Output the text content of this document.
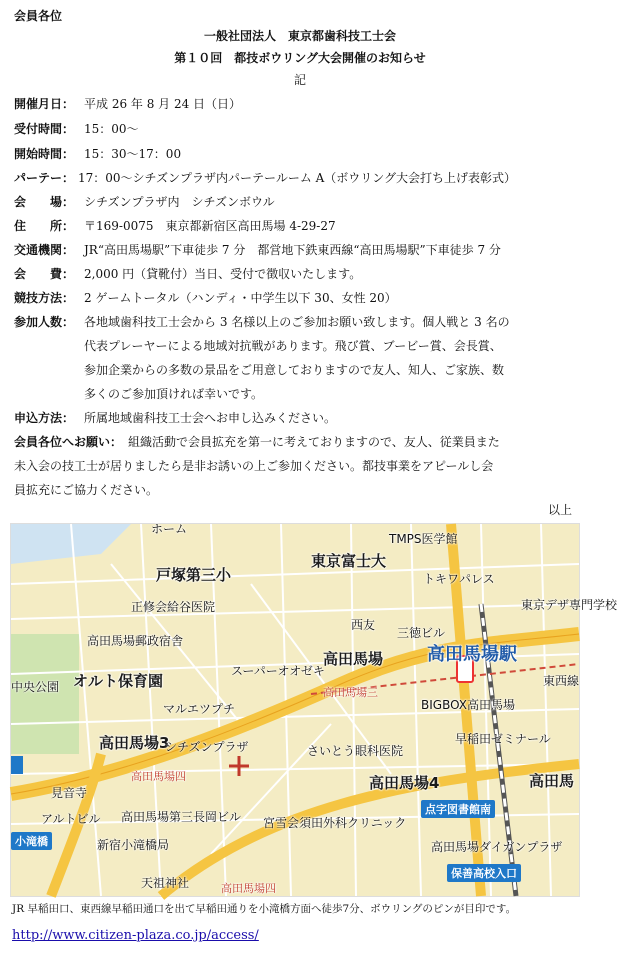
会員各位
一般社団法人　東京都歯科技工士会
第１０回　都技ボウリング大会開催のお知らせ
記
開催月日： 平成 26 年 8 月 24 日（日）
受付時間： 15：00～
開始時間： 15：30～17：00
パーテー： 17：00～シチズンプラザ内パーテールーム A（ボウリング大会打ち上げ表彰式）
会　　場： シチズンプラザ内　シチズンボウル
住　　所： 〒169-0075　東京都新宿区高田馬場 4-29-27
交通機関： JR“高田馬場駅”下車徒歩 7 分　都営地下鉄東西線“高田馬場駅”下車徒歩 7 分
会　　費： 2,000 円（貸靴付）当日、受付で徴収いたします。
競技方法： 2 ゲームトータル（ハンディ・中学生以下 30、女性 20）
参加人数： 各地域歯科技工士会から 3 名様以上のご参加お願い致します。個人戦と 3 名の
代表プレーヤーによる地域対抗戦があります。飛び賞、ブービー賞、会長賞、
参加企業からの多数の景品をご用意しておりますので友人、知人、ご家族、数
多くのご参加頂ければ幸いです。
申込方法： 所属地域歯科技工士会へお申し込みください。
会員各位へお願い： 組織活動で会員拡充を第一に考えておりますので、友人、従業員また
未入会の技工士が居りましたら是非お誘いの上ご参加ください。都技事業をアピールし会
員拡充にご協力ください。
以上
ホーム
TMPS医学館
東京富士大
戸塚第三小	トキワパレス
正修会給谷医院	東京デザ専門学校
高田馬場郵政宿舎
西友
三徳ビル
高田馬場駅
高田馬場
スーパーオオゼキ
中央公園 オルト保育園
高田馬場三
東西線
マルエツプチ	BIGBOX高田馬場
高田馬場3	早稲田ゼミナール
さいとう眼科医院
シチズンプラザ
高田馬場四	高田馬場4	高田馬
見音寺
アルトビル 高田馬場第三長岡ビル 宮雪会須田外科クリニック
点字図書館南
小滝橋	新宿小滝橋局	高田馬場ダイガンプラザ
保善高校入口
天祖神社	高田馬場四
JR 早稲田口、東西線早稲田通口を出て早稲田通りを小滝橋方面へ徒歩7分、ボウリングのピンが目印です。
http://www.citizen-plaza.co.jp/access/
